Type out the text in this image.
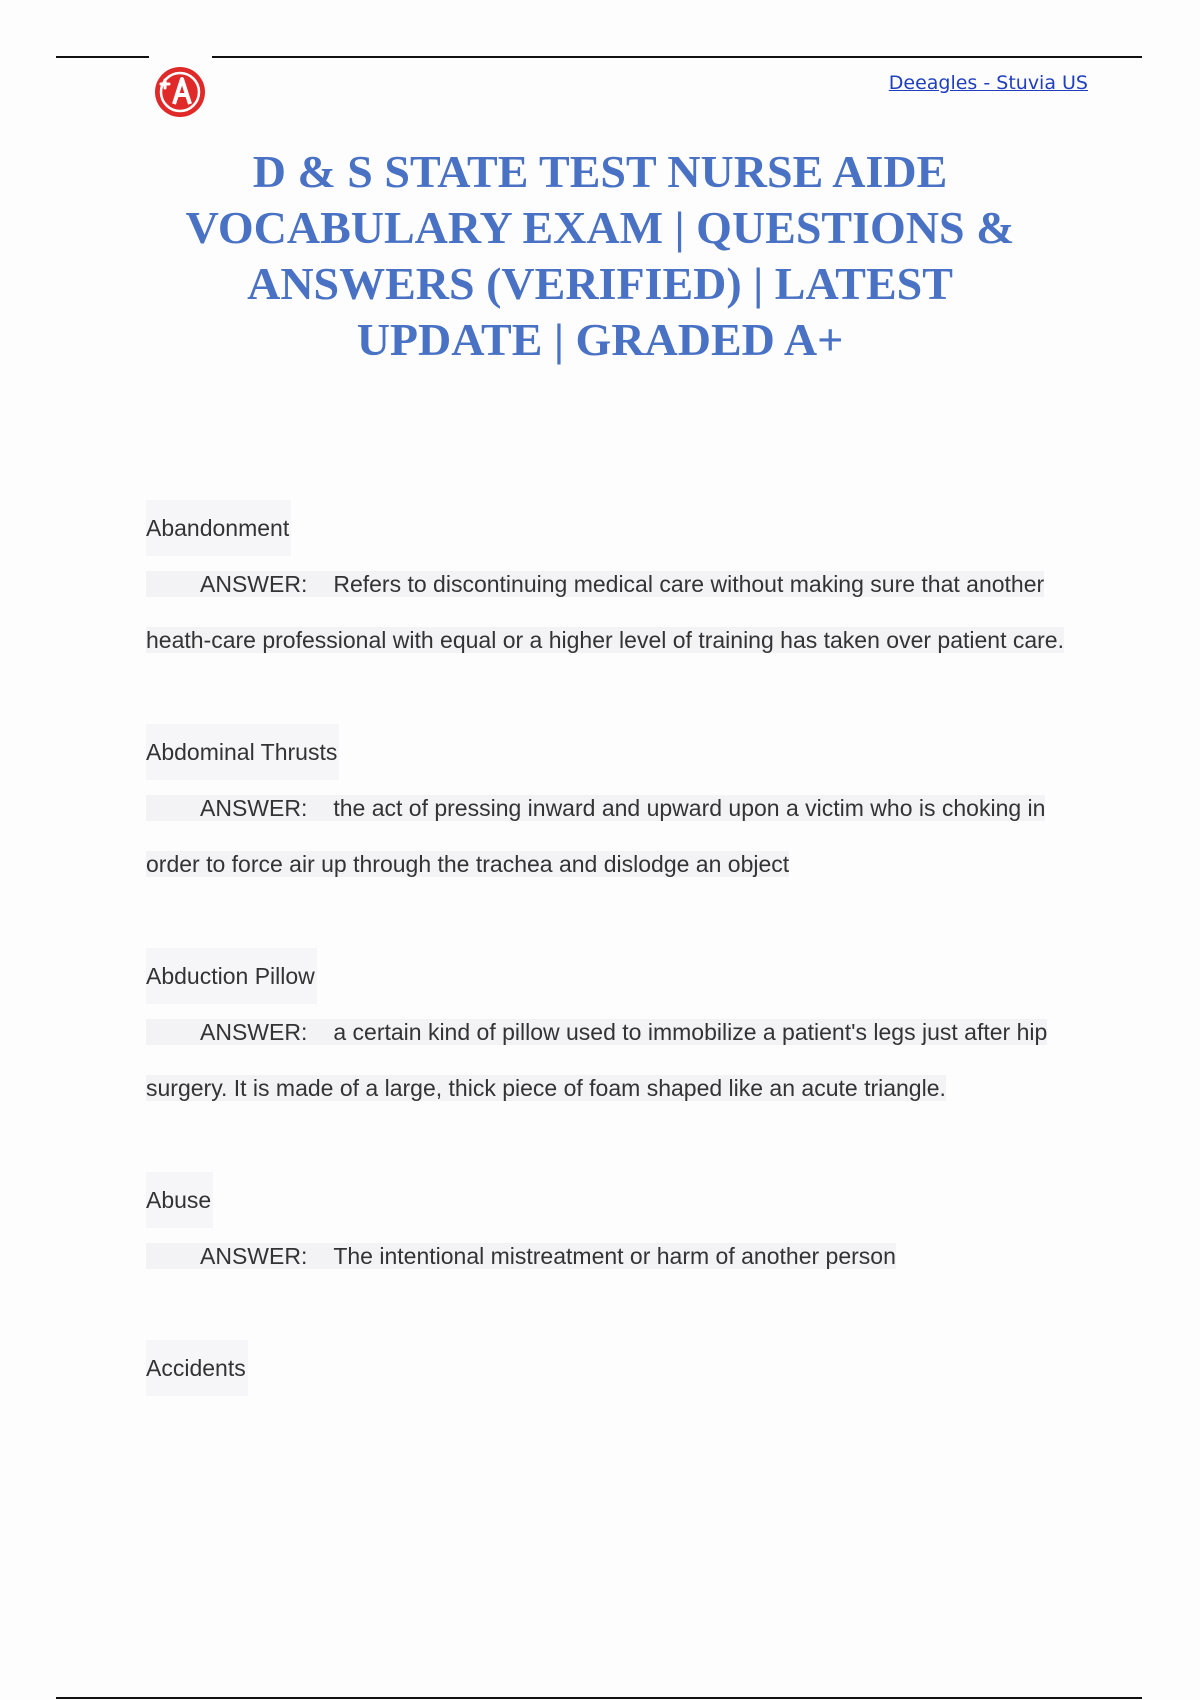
Deeagles - Stuvia US
D & S STATE TEST NURSE AIDE VOCABULARY EXAM | QUESTIONS & ANSWERS (VERIFIED) | LATEST UPDATE | GRADED A+
Abandonment

ANSWER: Refers to discontinuing medical care without making sure that another heath-care professional with equal or a higher level of training has taken over patient care.

Abdominal Thrusts

ANSWER: the act of pressing inward and upward upon a victim who is choking in order to force air up through the trachea and dislodge an object

Abduction Pillow

ANSWER: a certain kind of pillow used to immobilize a patient's legs just after hip surgery. It is made of a large, thick piece of foam shaped like an acute triangle.

Abuse

ANSWER: The intentional mistreatment or harm of another person

Accidents
